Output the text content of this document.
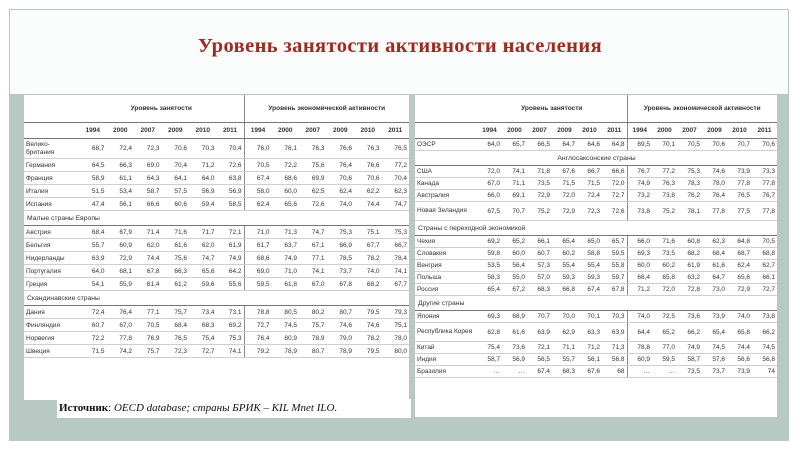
Уровень занятости активности населения
	Уровень занятости						Уровень экономической активности					
	1994	2000	2007	2009	2010	2011	1994	2000	2007	2009	2010	2011
Велико-британия	68,7	72,4	72,3	70,6	70,3	70,4	76,0	76,1	76,3	76,6	76,3	76,5
Германия	64,5	66,3	69,0	70,4	71,2	72,6	70,5	72,2	75,6	76,4	76,6	77,2
Франция	58,9	61,1	64,3	64,1	64,0	63,8	67,4	68,6	69,9	70,6	70,6	70,4
Италия	51,5	53,4	58,7	57,5	56,9	56,9	58,0	60,0	62,5	62,4	62,2	62,3
Испания	47,4	56,1	66,6	60,6	59,4	58,5	62,4	65,6	72,6	74,0	74,4	74,7
Малые страны Европы												
Австрия	68,4	67,9	71,4	71,6	71,7	72,1	71,0	71,3	74,7	75,3	75,1	75,3
Бельгия	55,7	60,9	62,0	61,6	62,0	61,9	61,7	63,7	67,1	66,9	67,7	66,7
Нидерланды	63,9	72,9	74,4	75,6	74,7	74,9	68,6	74,9	77,1	78,5	78,2	78,4
Португалия	64,0	68,1	67,8	66,3	65,6	64,2	69,0	71,0	74,1	73,7	74,0	74,1
Греция	54,1	55,9	61,4	61,2	59,6	55,6	59,5	61,8	67,0	67,8	68,2	67,7
Скандинавские страны												
Дания	72,4	76,4	77,1	75,7	73,4	73,1	78,8	80,5	80,2	80,7	79,5	79,3
Финляндия	60,7	67,0	70,5	68,4	68,3	69,2	72,7	74,5	75,7	74,6	74,6	75,1
Норвегия	72,2	77,8	76,9	76,5	75,4	75,3	76,4	80,9	78,9	79,0	78,2	78,0
Швеция	71,5	74,2	75,7	72,3	72,7	74,1	79,2	78,9	80,7	78,9	79,5	80,0
	Уровень занятости						Уровень экономической активности					
	1994	2000	2007	2009	2010	2011	1994	2000	2007	2009	2010	2011
ОЭСР	64,0	65,7	66,5	64,7	64,6	64,8	69,5	70,1	70,5	70,6	70,7	70,6
Англосаксонские страны												
США	72,0	74,1	71,8	67,6	66,7	66,6	76,7	77,2	75,3	74,6	73,9	73,3
Канада	67,0	71,1	73,5	71,5	71,5	72,0	74,9	76,3	78,3	78,0	77,8	77,8
Австралия	66,0	69,1	72,9	72,0	72,4	72,7	73,2	73,8	76,2	76,4	76,5	76,7
Новая Зеландия	67,5	70,7	75,2	72,9	72,3	72,6	73,8	75,2	78,1	77,8	77,5	77,8
Страны с переходной экономикой												
Чехия	69,2	65,2	66,1	65,4	65,0	65,7	66,0	71,6	60,8	62,3	64,8	70,5
Словакия	59,8	60,0	60,7	60,2	58,8	59,5	69,3	73,5	68,2	68,4	68,7	68,8
Венгрия	53,5	56,4	57,3	55,4	55,4	55,8	60,0	60,2	61,9	61,6	62,4	62,7
Польша	58,3	55,0	57,0	59,3	59,3	59,7	68,4	65,8	63,2	64,7	65,6	66,1
Россия	65,4	67,2	68,3	66,8	67,4	67,8	71,2	72,0	72,8	73,0	72,9	72,7
Другие страны												
Япония	69,3	68,9	70,7	70,0	70,1	70,3	74,0	72,5	73,6	73,9	74,0	73,8
Республика Корея	62,8	61,6	63,9	62,9	63,3	63,9	64,4	65,2	66,2	65,4	65,8	66,2
Китай	75,4	73,6	72,1	71,1	71,2	71,3	78,8	77,0	74,9	74,5	74,4	74,5
Индия	58,7	56,9	56,5	55,7	56,1	56,8	60,9	59,5	58,7	57,6	56,6	56,8
Бразилия	…	…	67,4	68,3	67,6	68	…	…	73,5	73,7	73,9	74
Источник: OECD database; страны БРИК – KIL Mnet ILO.
